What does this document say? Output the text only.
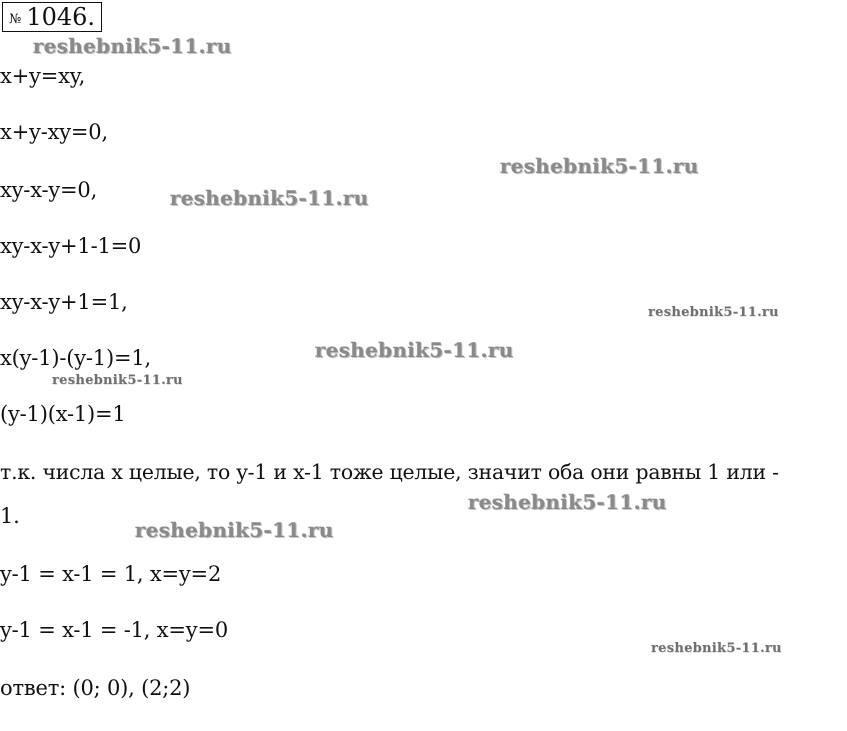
№ 1046.
reshebnik5-11.ru
reshebnik5-11.ru
reshebnik5-11.ru
reshebnik5-11.ru
reshebnik5-11.ru
reshebnik5-11.ru
reshebnik5-11.ru
reshebnik5-11.ru
reshebnik5-11.ru
x+y=xy,
x+y-xy=0,
xy-x-y=0,
xy-x-y+1-1=0
xy-x-y+1=1,
x(y-1)-(y-1)=1,
(y-1)(x-1)=1
т.к. числа x целые, то y-1 и x-1 тоже целые, значит оба они равны 1 или -
1.
y-1 = x-1 = 1, x=y=2
y-1 = x-1 = -1, x=y=0
ответ: (0; 0), (2;2)
